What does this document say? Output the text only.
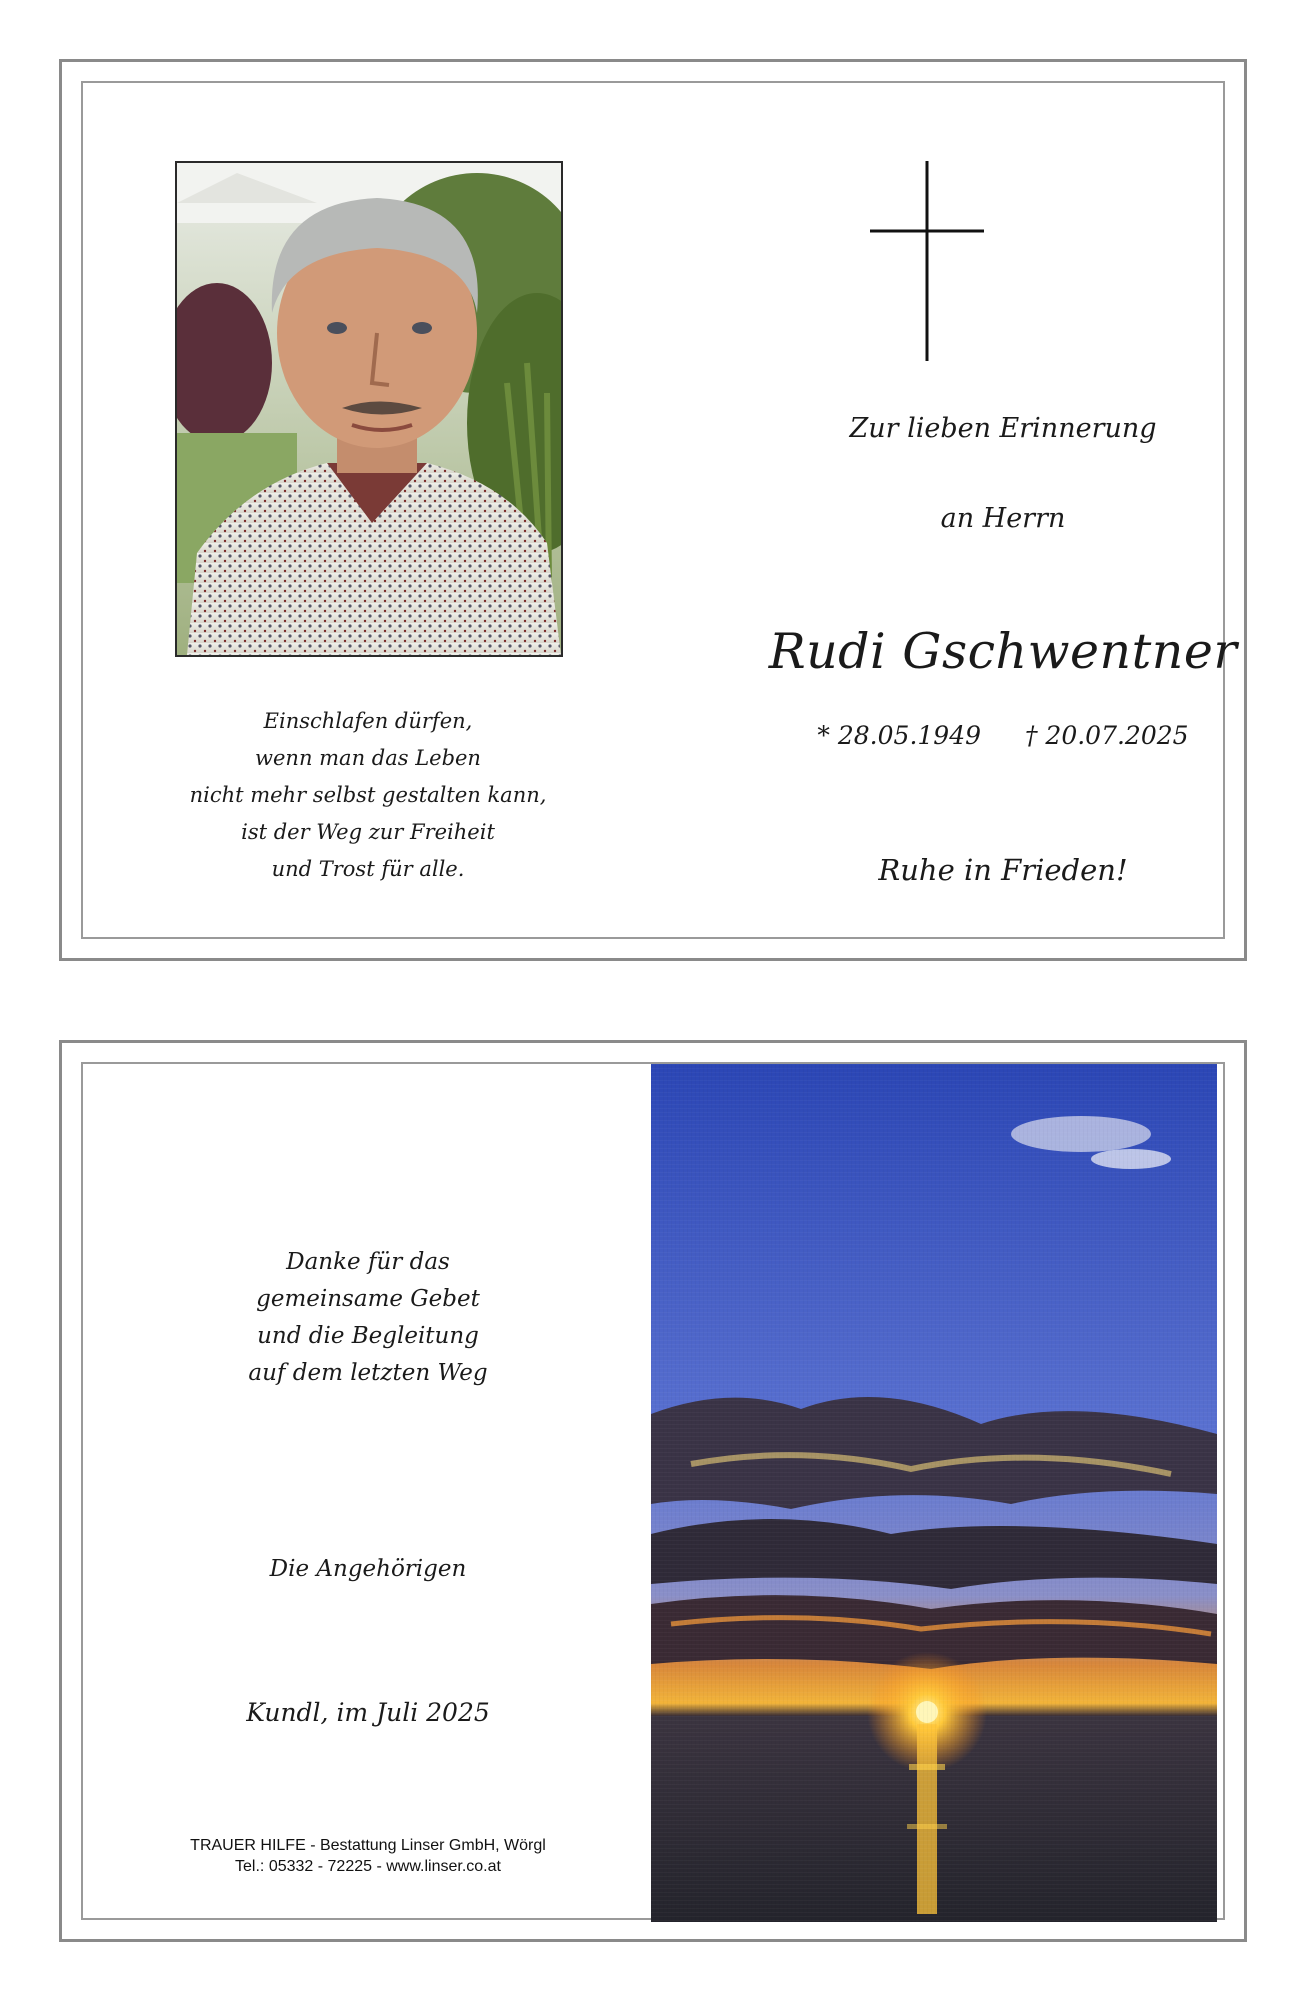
Einschlafen dürfen,
wenn man das Leben
nicht mehr selbst gestalten kann,
ist der Weg zur Freiheit
und Trost für alle.
Zur lieben Erinnerung
an Herrn
Rudi Gschwentner
* 28.05.1949 † 20.07.2025
Ruhe in Frieden!
Danke für das
gemeinsame Gebet
und die Begleitung
auf dem letzten Weg
Die Angehörigen
Kundl, im Juli 2025
TRAUER HILFE - Bestattung Linser GmbH, Wörgl
Tel.: 05332 - 72225 - www.linser.co.at
